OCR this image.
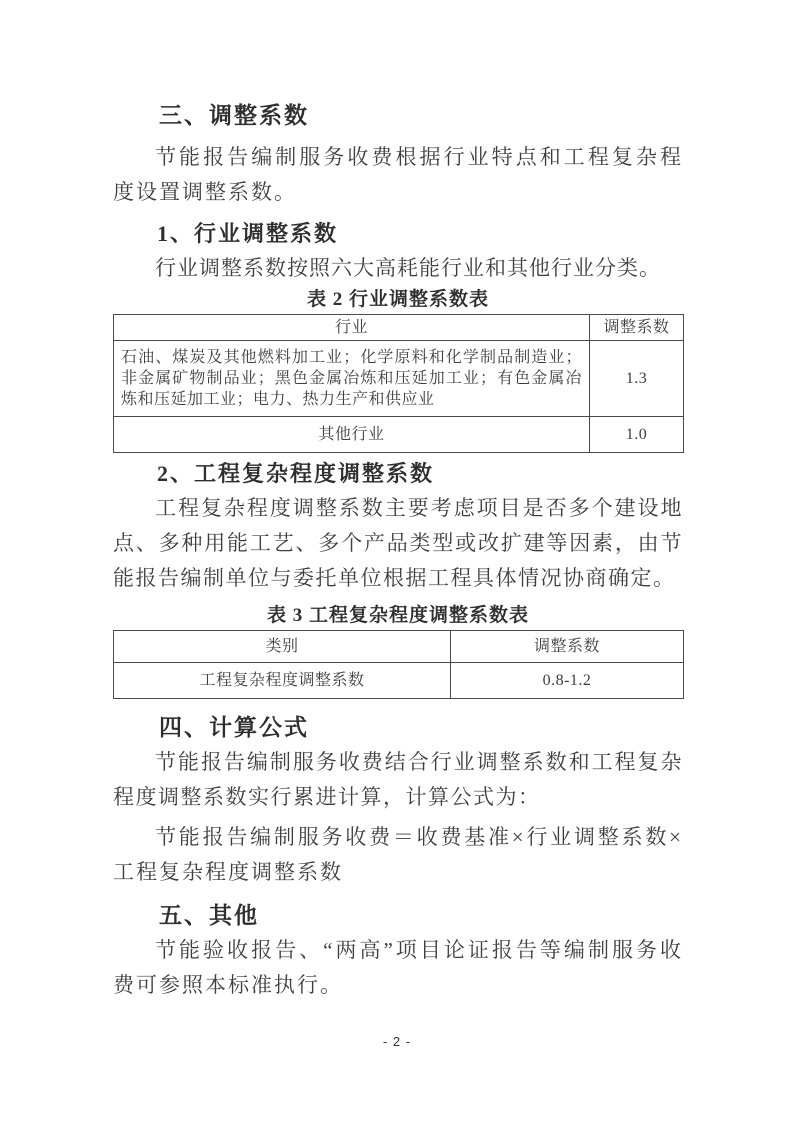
三、调整系数

节能报告编制服务收费根据行业特点和工程复杂程度设置调整系数。

1、行业调整系数

行业调整系数按照六大高耗能行业和其他行业分类。

表 2 行业调整系数表
行业	调整系数
石油、煤炭及其他燃料加工业；化学原料和化学制品制造业；非金属矿物制品业；黑色金属冶炼和压延加工业；有色金属冶炼和压延加工业；电力、热力生产和供应业	1.3
其他行业	1.0
2、工程复杂程度调整系数

工程复杂程度调整系数主要考虑项目是否多个建设地点、多种用能工艺、多个产品类型或改扩建等因素，由节能报告编制单位与委托单位根据工程具体情况协商确定。

表 3 工程复杂程度调整系数表
类别	调整系数
工程复杂程度调整系数	0.8-1.2
四、计算公式

节能报告编制服务收费结合行业调整系数和工程复杂程度调整系数实行累进计算，计算公式为：

节能报告编制服务收费＝收费基准×行业调整系数×工程复杂程度调整系数

五、其他

节能验收报告、“两高”项目论证报告等编制服务收费可参照本标准执行。

- 2 -
